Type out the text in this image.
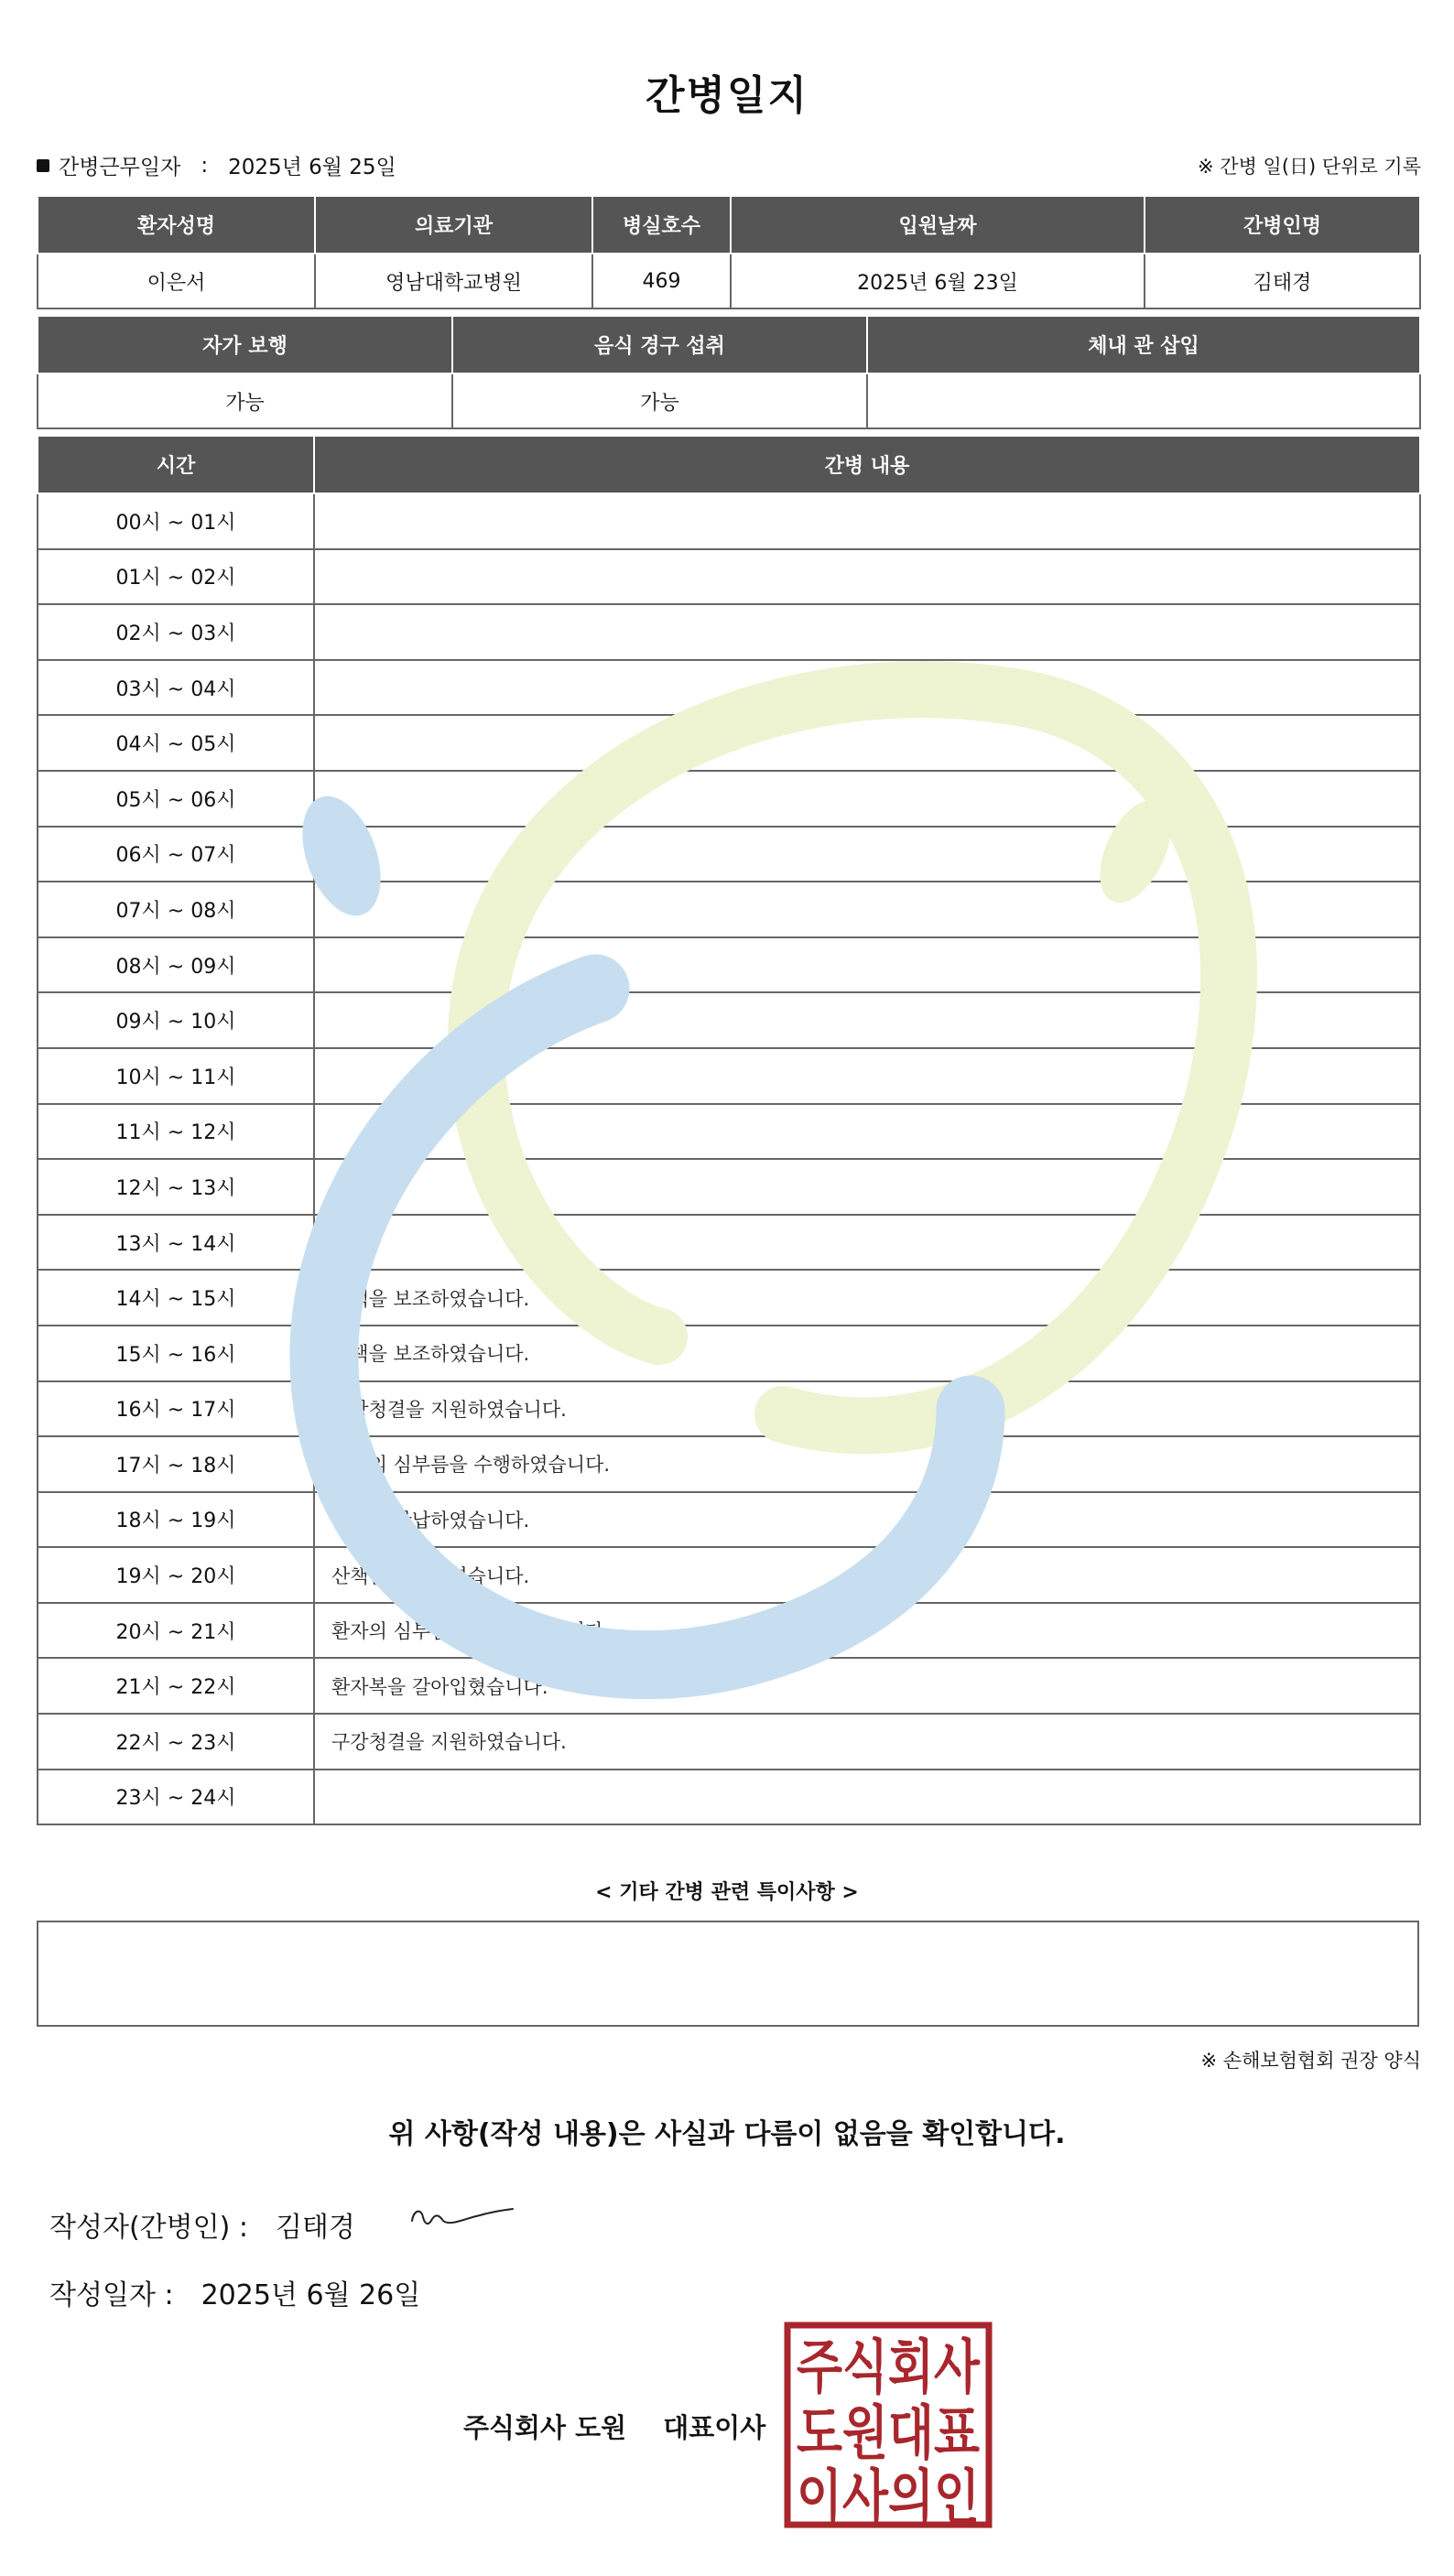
간병일지
간병근무일자 : 2025년 6월 25일	※ 간병 일(日) 단위로 기록
환자성명	의료기관	병실호수	입원날짜	간병인명
이은서	영남대학교병원	469	2025년 6월 23일	김태경
자가 보행	음식 경구 섭취	체내 관 삽입
가능	가능	
시간	간병 내용
00시 ~ 01시	
01시 ~ 02시	
02시 ~ 03시	
03시 ~ 04시	
04시 ~ 05시	
05시 ~ 06시	
06시 ~ 07시	
07시 ~ 08시	
08시 ~ 09시	
09시 ~ 10시	
10시 ~ 11시	
11시 ~ 12시	
12시 ~ 13시	
13시 ~ 14시	
14시 ~ 15시	산책을 보조하였습니다.
15시 ~ 16시	산책을 보조하였습니다.
16시 ~ 17시	구강청결을 지원하였습니다.
17시 ~ 18시	환자의 심부름을 수행하였습니다.
18시 ~ 19시	식기를 반납하였습니다.
19시 ~ 20시	산책을 보조하였습니다.
20시 ~ 21시	환자의 심부름을 수행하였습니다.
21시 ~ 22시	환자복을 갈아입혔습니다.
22시 ~ 23시	구강청결을 지원하였습니다.
23시 ~ 24시	
< 기타 간병 관련 특이사항 >
※ 손해보험협회 권장 양식
위 사항(작성 내용)은 사실과 다름이 없음을 확인합니다.
작성자(간병인) : 김태경
작성일자 : 2025년 6월 26일
주식회사 도원 대표이사
주식회사
도원대표
이사의인
